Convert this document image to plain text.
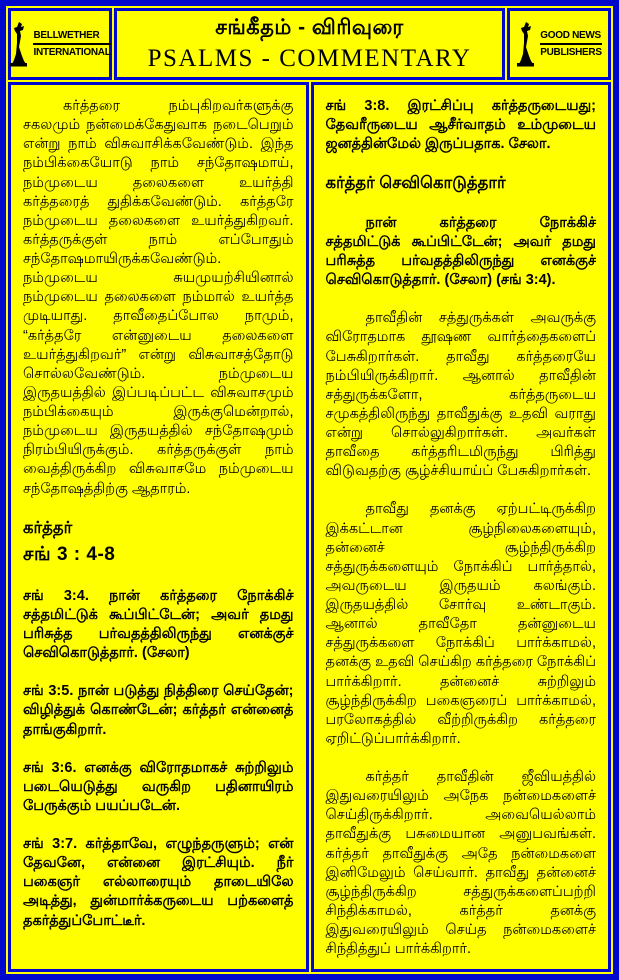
BELLWETHER
INTERNATIONAL
சங்கீதம் - விரிவுரை
PSALMS - COMMENTARY
GOOD NEWS
PUBLISHERS

கர்த்தரை நம்புகிறவர்களுக்கு சகலமும் நன்மைக்கேதுவாக நடைபெறும் என்று நாம் விசுவாசிக்கவேண்டும். இந்த நம்பிக்கையோடு நாம் சந்தோஷமாய், நம்முடைய தலைகளை உயர்த்தி கர்த்தரைத் துதிக்கவேண்டும். கர்த்தரே நம்முடைய தலைகளை உயர்த்துகிறவர். கர்த்தருக்குள் நாம் எப்போதும் சந்தோஷமாயிருக்கவேண்டும். நம்முடைய சுயமுயற்சியினால் நம்முடைய தலைகளை நம்மால் உயர்த்த முடியாது. தாவீதைப்போல நாமும், “கர்த்தரே என்னுடைய தலைகளை உயர்த்துகிறவர்” என்று விசுவாசத்தோடு சொல்லவேண்டும். நம்முடைய இருதயத்தில் இப்படிப்பட்ட விசுவாசமும் நம்பிக்கையும் இருக்குமென்றால், நம்முடைய இருதயத்தில் சந்தோஷமும் நிரம்பியிருக்கும். கர்த்தருக்குள் நாம் வைத்திருக்கிற விசுவாசமே நம்முடைய சந்தோஷத்திற்கு ஆதாரம்.

கர்த்தர்
சங் 3 : 4-8

சங் 3:4. நான் கர்த்தரை நோக்கிச் சத்தமிட்டுக் கூப்பிட்டேன்; அவர் தமது பரிசுத்த பர்வதத்திலிருந்து எனக்குச் செவிகொடுத்தார். (சேலா)

சங் 3:5. நான் படுத்து நித்திரை செய்தேன்; விழித்துக் கொண்டேன்; கர்த்தர் என்னைத் தாங்குகிறார்.

சங் 3:6. எனக்கு விரோதமாகச் சுற்றிலும் படையெடுத்து வருகிற பதினாயிரம் பேருக்கும் பயப்படேன்.

சங் 3:7. கர்த்தாவே, எழுந்தருளும்; என் தேவனே, என்னை இரட்சியும். நீர் பகைஞர் எல்லாரையும் தாடையிலே அடித்து, துன்மார்க்கருடைய பற்களைத் தகர்த்துப்போட்டீர்.

சங் 3:8. இரட்சிப்பு கர்த்தருடையது; தேவரீருடைய ஆசீர்வாதம் உம்முடைய ஜனத்தின்மேல் இருப்பதாக. சேலா.

கர்த்தர் செவிகொடுத்தார்

நான் கர்த்தரை நோக்கிச் சத்தமிட்டுக் கூப்பிட்டேன்; அவர் தமது பரிசுத்த பர்வதத்திலிருந்து எனக்குச் செவிகொடுத்தார். (சேலா) (சங் 3:4).

தாவீதின் சத்துருக்கள் அவருக்கு விரோதமாக தூஷண வார்த்தைகளைப் பேசுகிறார்கள். தாவீது கர்த்தரையே நம்பியிருக்கிறார். ஆனால் தாவீதின் சத்துருக்களோ, கர்த்தருடைய சமுகத்திலிருந்து தாவீதுக்கு உதவி வராது என்று சொல்லுகிறார்கள். அவர்கள் தாவீதை கர்த்தரிடமிருந்து பிரித்து விடுவதற்கு சூழ்ச்சியாய்ப் பேசுகிறார்கள்.

தாவீது தனக்கு ஏற்பட்டிருக்கிற இக்கட்டான சூழ்நிலைகளையும், தன்னைச் சூழ்ந்திருக்கிற சத்துருக்களையும் நோக்கிப் பார்த்தால், அவருடைய இருதயம் கலங்கும். இருதயத்தில் சோர்வு உண்டாகும். ஆனால் தாவீதோ தன்னுடைய சத்துருக்களை நோக்கிப் பார்க்காமல், தனக்கு உதவி செய்கிற கர்த்தரை நோக்கிப் பார்க்கிறார். தன்னைச் சுற்றிலும் சூழ்ந்திருக்கிற பகைஞரைப் பார்க்காமல், பரலோகத்தில் வீற்றிருக்கிற கர்த்தரை ஏறிட்டுப்பார்க்கிறார்.

கர்த்தர் தாவீதின் ஜீவியத்தில் இதுவரையிலும் அநேக நன்மைகளைச் செய்திருக்கிறார். அவையெல்லாம் தாவீதுக்கு பசுமையான அனுபவங்கள். கர்த்தர் தாவீதுக்கு அதே நன்மைகளை இனிமேலும் செய்வார். தாவீது தன்னைச் சூழ்ந்திருக்கிற சத்துருக்களைப்பற்றி சிந்திக்காமல், கர்த்தர் தனக்கு இதுவரையிலும் செய்த நன்மைகளைச் சிந்தித்துப் பார்க்கிறார்.
